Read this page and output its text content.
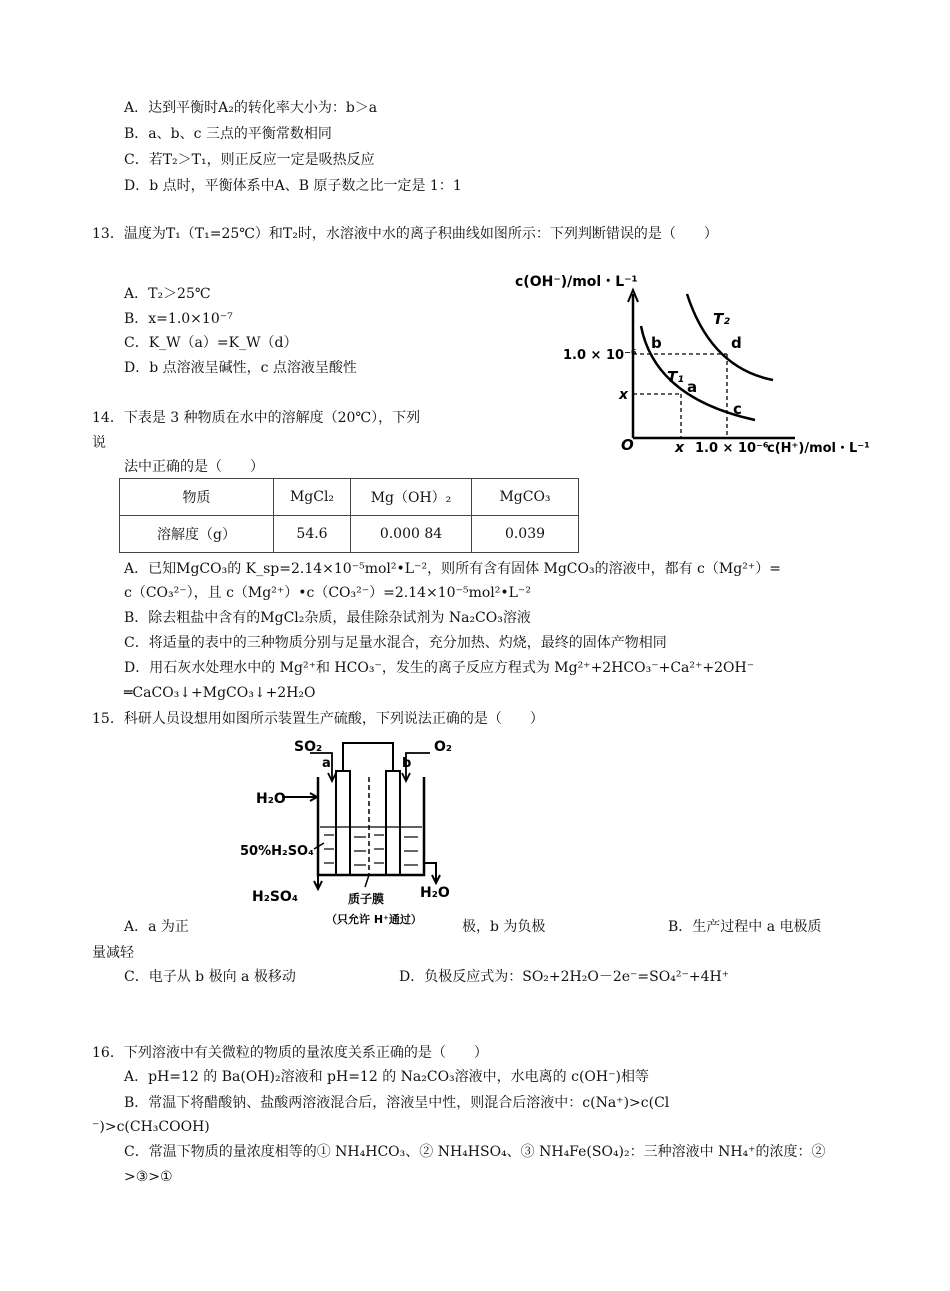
A．达到平衡时A₂的转化率大小为：b＞a
B．a、b、c 三点的平衡常数相同
C．若T₂＞T₁，则正反应一定是吸热反应
D．b 点时，平衡体系中A、B 原子数之比一定是 1：1
13．温度为T₁（T₁=25℃）和T₂时，水溶液中水的离子积曲线如图所示：下列判断错误的是（　　）
A．T₂＞25℃
B．x=1.0×10⁻⁷
C．K_W（a）=K_W（d）
D．b 点溶液呈碱性，c 点溶液呈酸性
c(OH⁻)/mol・L⁻¹
c(H⁺)/mol・L⁻¹
1.0 × 10⁻⁶
x
x 1.0 × 10⁻⁶
O
T₁
T₂
b	d
a
c
14．下表是 3 种物质在水中的溶解度（20℃），下列
说
法中正确的是（　　）
物质	MgCl₂	Mg（OH）₂	MgCO₃
溶解度（g）	54.6	0.000 84	0.039
A．已知MgCO₃的 K_sp=2.14×10⁻⁵mol²•L⁻²，则所有含有固体 MgCO₃的溶液中，都有 c（Mg²⁺）=
c（CO₃²⁻），且 c（Mg²⁺）•c（CO₃²⁻）=2.14×10⁻⁵mol²•L⁻²
B．除去粗盐中含有的MgCl₂杂质，最佳除杂试剂为 Na₂CO₃溶液
C．将适量的表中的三种物质分别与足量水混合，充分加热、灼烧，最终的固体产物相同
D．用石灰水处理水中的 Mg²⁺和 HCO₃⁻，发生的离子反应方程式为 Mg²⁺+2HCO₃⁻+Ca²⁺+2OH⁻
═CaCO₃↓+MgCO₃↓+2H₂O
15．科研人员设想用如图所示装置生产硫酸，下列说法正确的是（　　）
SO₂	O₂
a	b
H₂O
50%H₂SO₄
H₂SO₄	H₂O
质子膜
（只允许 H⁺通过）
A．a 为正	极，b 为负极	B．生产过程中 a 电极质
量减轻
C．电子从 b 极向 a 极移动	D．负极反应式为：SO₂+2H₂O－2e⁻=SO₄²⁻+4H⁺
16．下列溶液中有关微粒的物质的量浓度关系正确的是（　　）
A．pH=12 的 Ba(OH)₂溶液和 pH=12 的 Na₂CO₃溶液中，水电离的 c(OH⁻)相等
B．常温下将醋酸钠、盐酸两溶液混合后，溶液呈中性，则混合后溶液中：c(Na⁺)>c(Cl
⁻)>c(CH₃COOH)
C．常温下物质的量浓度相等的① NH₄HCO₃、② NH₄HSO₄、③ NH₄Fe(SO₄)₂：三种溶液中 NH₄⁺的浓度：②
>③>①
